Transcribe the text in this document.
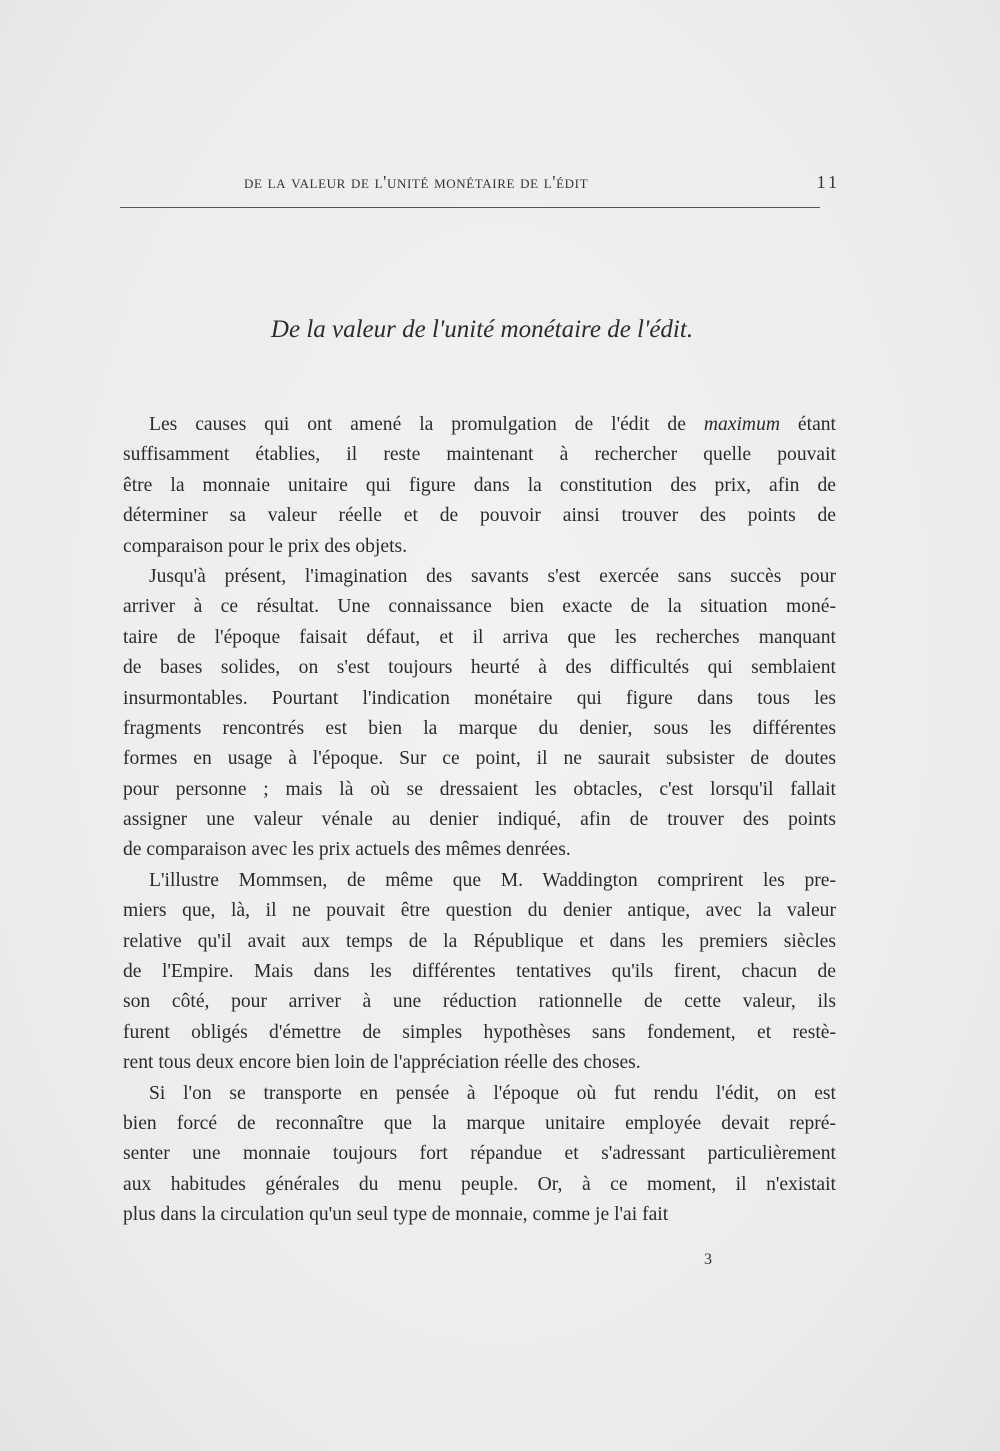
de la valeur de l'unité monétaire de l'édit	11
De la valeur de l'unité monétaire de l'édit.
Les causes qui ont amené la promulgation de l'édit de maximum étant
suffisamment établies, il reste maintenant à rechercher quelle pouvait
être la monnaie unitaire qui figure dans la constitution des prix, afin de
déterminer sa valeur réelle et de pouvoir ainsi trouver des points de
comparaison pour le prix des objets.
Jusqu'à présent, l'imagination des savants s'est exercée sans succès pour
arriver à ce résultat. Une connaissance bien exacte de la situation moné-
taire de l'époque faisait défaut, et il arriva que les recherches manquant
de bases solides, on s'est toujours heurté à des difficultés qui semblaient
insurmontables. Pourtant l'indication monétaire qui figure dans tous les
fragments rencontrés est bien la marque du denier, sous les différentes
formes en usage à l'époque. Sur ce point, il ne saurait subsister de doutes
pour personne ; mais là où se dressaient les obtacles, c'est lorsqu'il fallait
assigner une valeur vénale au denier indiqué, afin de trouver des points
de comparaison avec les prix actuels des mêmes denrées.
L'illustre Mommsen, de même que M. Waddington comprirent les pre-
miers que, là, il ne pouvait être question du denier antique, avec la valeur
relative qu'il avait aux temps de la République et dans les premiers siècles
de l'Empire. Mais dans les différentes tentatives qu'ils firent, chacun de
son côté, pour arriver à une réduction rationnelle de cette valeur, ils
furent obligés d'émettre de simples hypothèses sans fondement, et restè-
rent tous deux encore bien loin de l'appréciation réelle des choses.
Si l'on se transporte en pensée à l'époque où fut rendu l'édit, on est
bien forcé de reconnaître que la marque unitaire employée devait repré-
senter une monnaie toujours fort répandue et s'adressant particulièrement
aux habitudes générales du menu peuple. Or, à ce moment, il n'existait
plus dans la circulation qu'un seul type de monnaie, comme je l'ai fait
3
